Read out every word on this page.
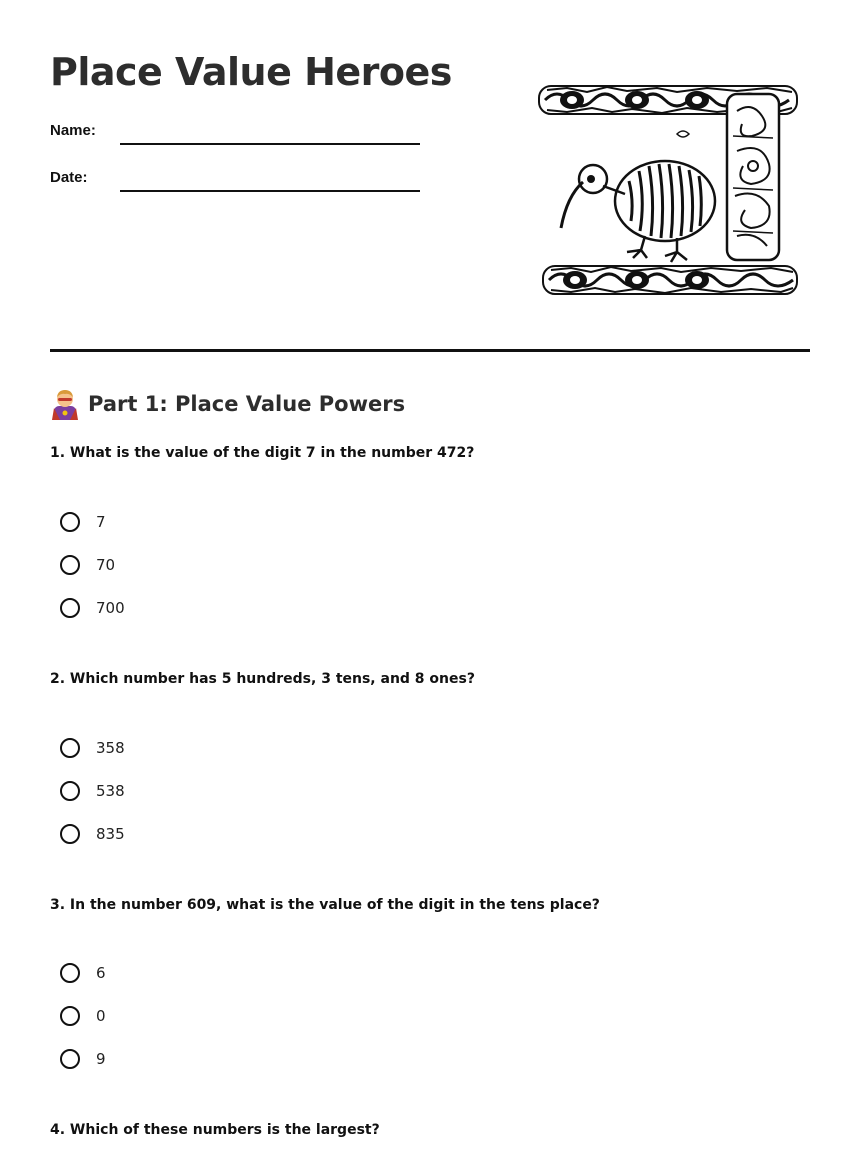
Place Value Heroes
Name:
Date:
Part 1: Place Value Powers
1. What is the value of the digit 7 in the number 472?
7
70
700
2. Which number has 5 hundreds, 3 tens, and 8 ones?
358
538
835
3. In the number 609, what is the value of the digit in the tens place?
6
0
9
4. Which of these numbers is the largest?
